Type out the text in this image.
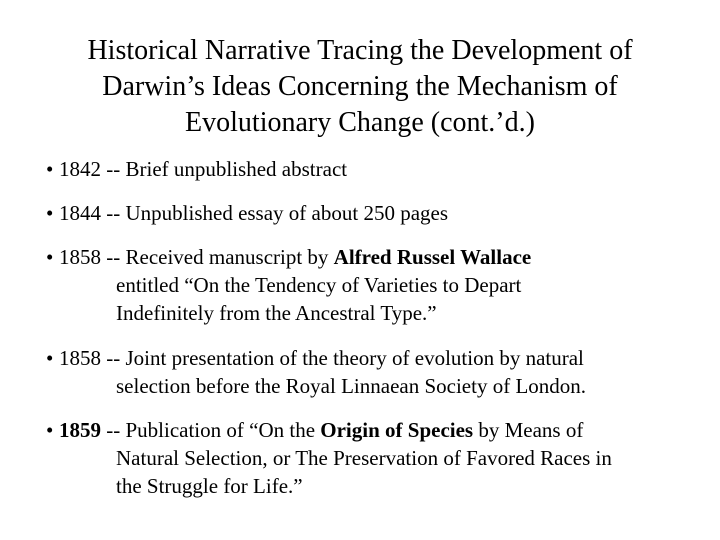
Historical Narrative Tracing the Development of
Darwin’s Ideas Concerning the Mechanism of
Evolutionary Change (cont.’d.)
• 1842 -- Brief unpublished abstract
• 1844 -- Unpublished essay of about 250 pages
• 1858 -- Received manuscript by Alfred Russel Wallace
entitled “On the Tendency of Varieties to Depart
Indefinitely from the Ancestral Type.”
• 1858 -- Joint presentation of the theory of evolution by natural
selection before the Royal Linnaean Society of London.
• 1859 -- Publication of “On the Origin of Species by Means of
Natural Selection, or The Preservation of Favored Races in
the Struggle for Life.”
